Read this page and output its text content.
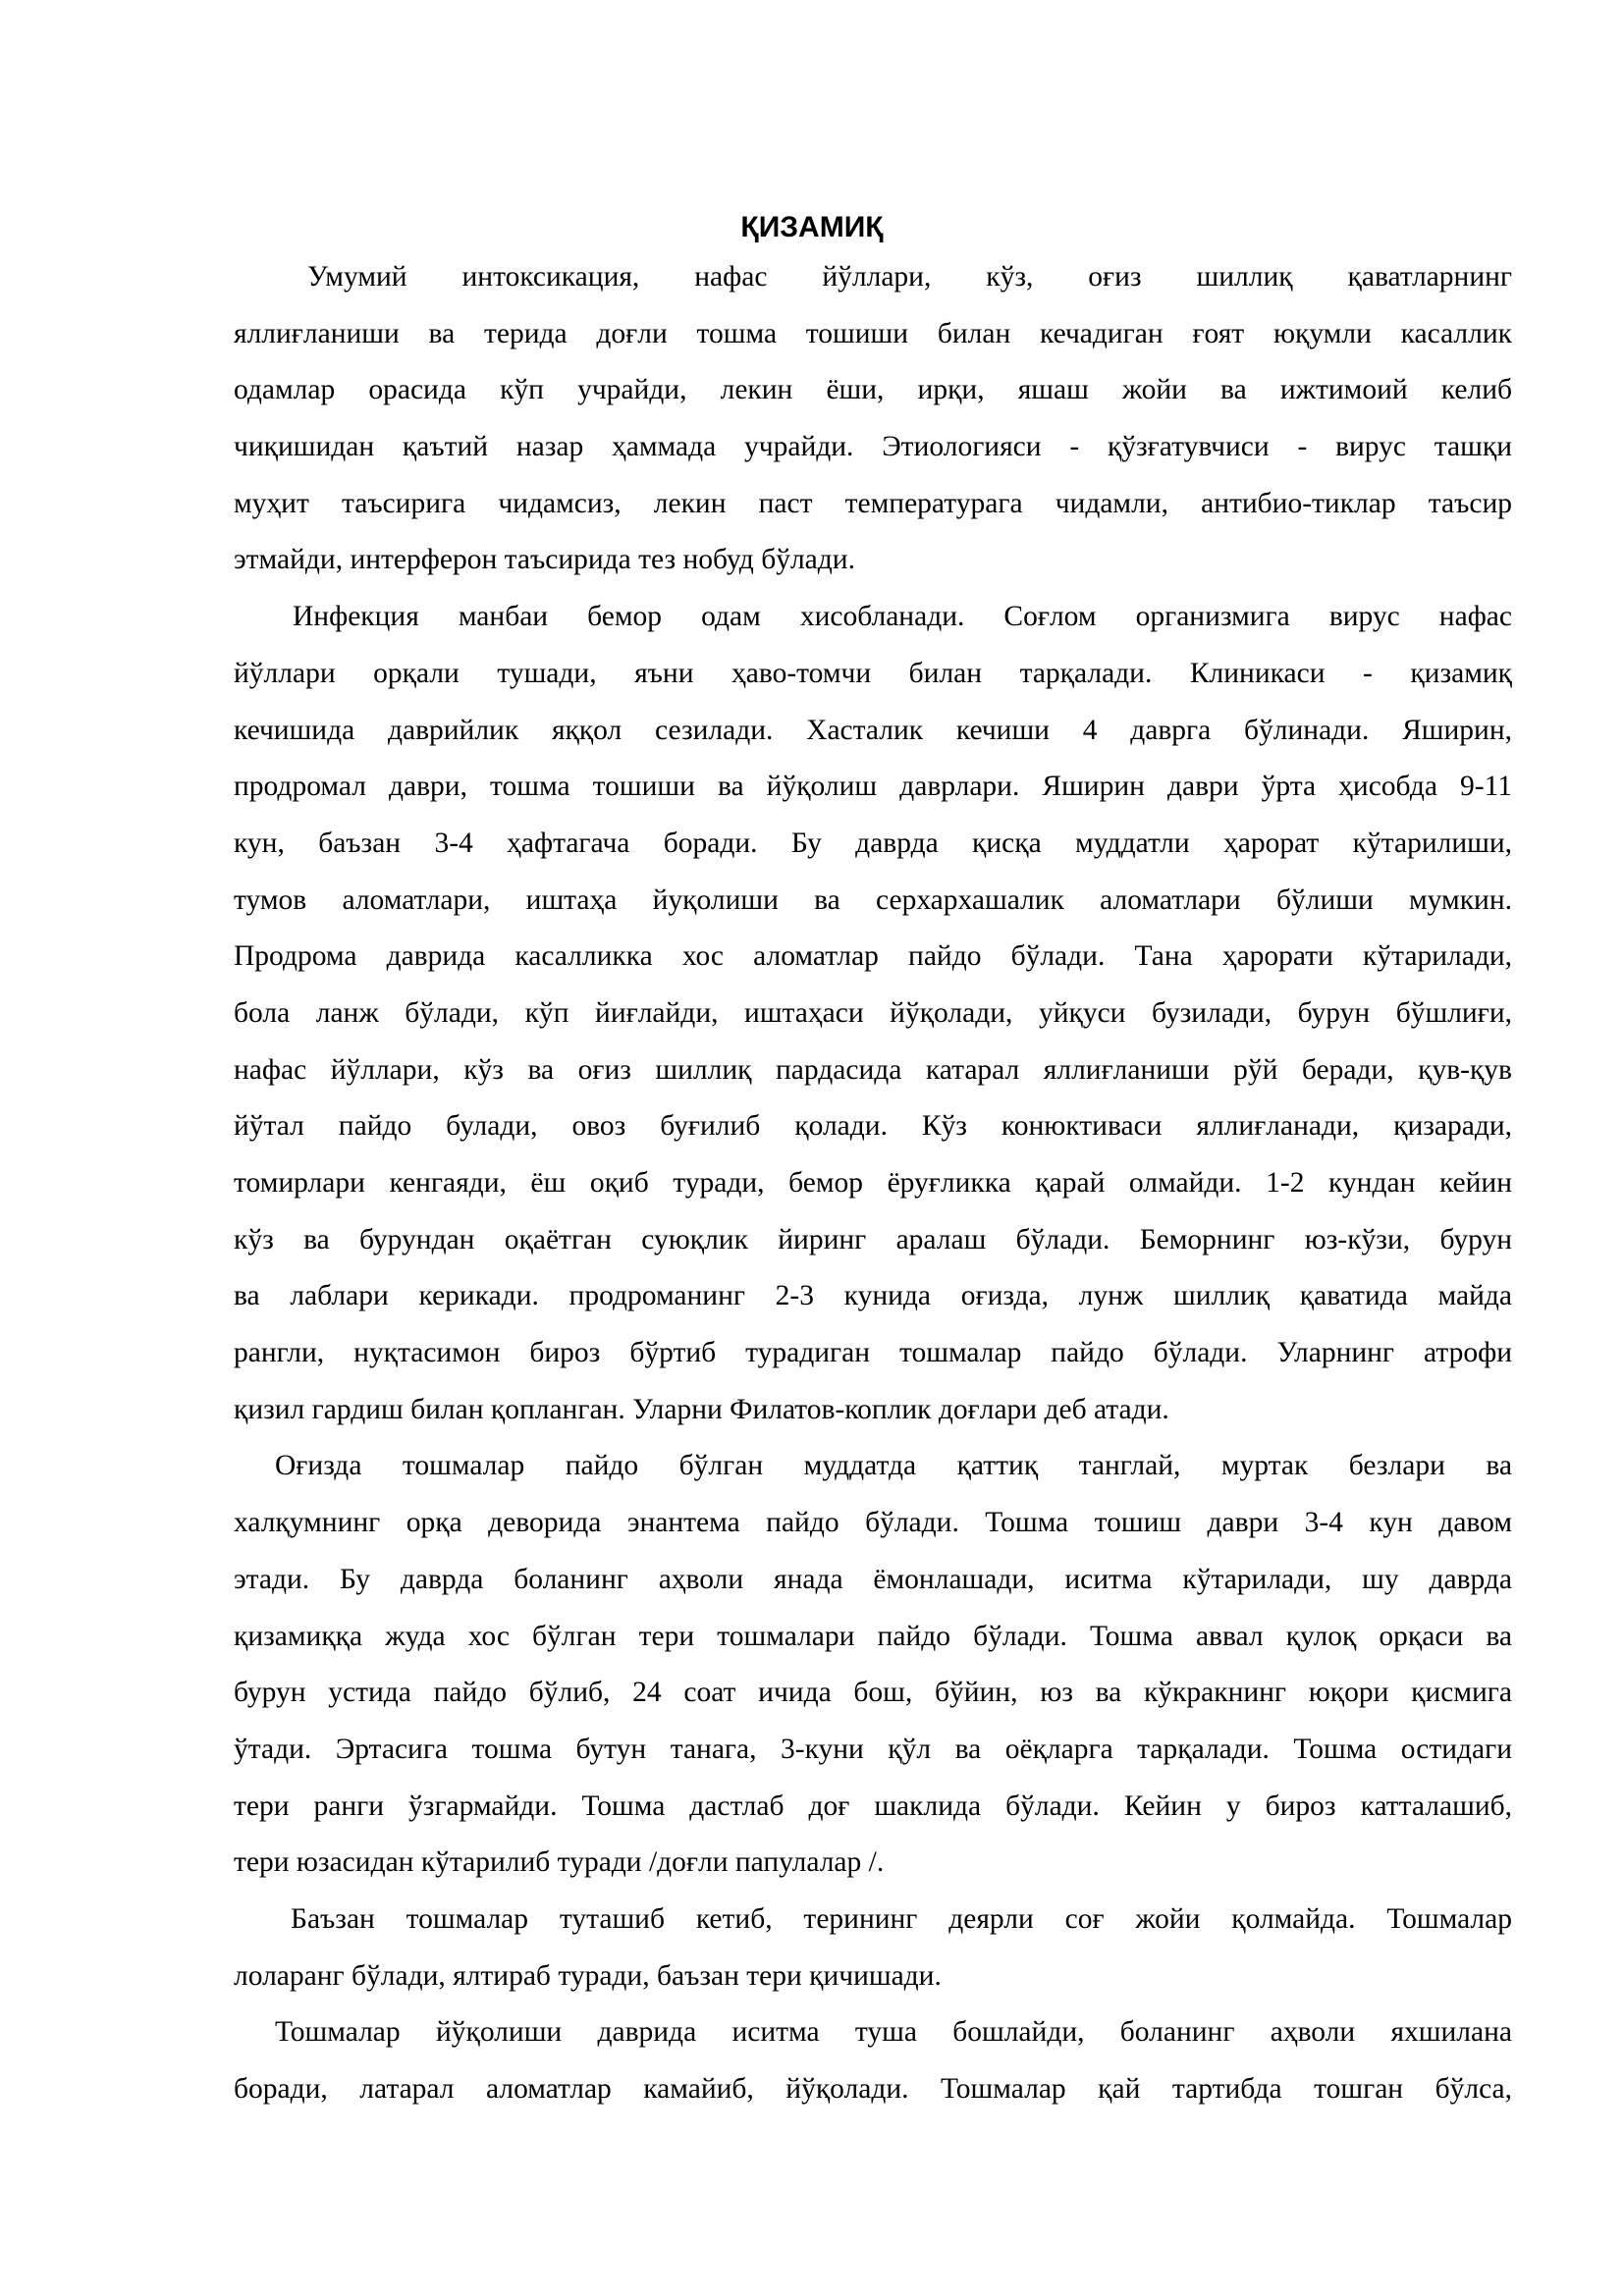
ҚИЗАМИҚ
Умумий интоксикация, нафас йўллари, кўз, оғиз шиллиқ қаватларнинг
яллиғланиши ва терида доғли тошма тошиши билан кечадиган ғоят юқумли касаллик
одамлар орасида кўп учрайди, лекин ёши, ирқи, яшаш жойи ва ижтимоий келиб
чиқишидан қаътий назар ҳаммада учрайди. Этиологияси - қўзғатувчиси - вирус ташқи
муҳит таъсирига чидамсиз, лекин паст температурага чидамли, антибио-тиклар таъсир
этмайди, интерферон таъсирида тез нобуд бўлади.
Инфекция манбаи бемор одам хисобланади. Соғлом организмига вирус нафас
йўллари орқали тушади, яъни ҳаво-томчи билан тарқалади. Клиникаси - қизамиқ
кечишида даврийлик яққол сезилади. Хасталик кечиши 4 даврга бўлинади. Яширин,
продромал даври, тошма тошиши ва йўқолиш даврлари. Яширин даври ўрта ҳисобда 9-11
кун, баъзан 3-4 ҳафтагача боради. Бу даврда қисқа муддатли ҳарорат кўтарилиши,
тумов аломатлари, иштаҳа йуқолиши ва серхархашалик аломатлари бўлиши мумкин.
Продрома даврида касалликка хос аломатлар пайдо бўлади. Тана ҳарорати кўтарилади,
бола ланж бўлади, кўп йиғлайди, иштаҳаси йўқолади, уйқуси бузилади, бурун бўшлиғи,
нафас йўллари, кўз ва оғиз шиллиқ пардасида катарал яллиғланиши рўй беради, қув-қув
йўтал пайдо булади, овоз буғилиб қолади. Кўз конюктиваси яллиғланади, қизаради,
томирлари кенгаяди, ёш оқиб туради, бемор ёруғликка қарай олмайди. 1-2 кундан кейин
кўз ва бурундан оқаётган суюқлик йиринг аралаш бўлади. Беморнинг юз-кўзи, бурун
ва лаблари керикади. продроманинг 2-3 кунида оғизда, лунж шиллиқ қаватида майда
рангли, нуқтасимон бироз бўртиб турадиган тошмалар пайдо бўлади. Уларнинг атрофи
қизил гардиш билан қопланган. Уларни Филатов-коплик доғлари деб атади.
Оғизда тошмалар пайдо бўлган муддатда қаттиқ танглай, муртак безлари ва
халқумнинг орқа деворида энантема пайдо бўлади. Тошма тошиш даври 3-4 кун давом
этади. Бу даврда боланинг аҳволи янада ёмонлашади, иситма кўтарилади, шу даврда
қизамиққа жуда хос бўлган тери тошмалари пайдо бўлади. Тошма аввал қулоқ орқаси ва
бурун устида пайдо бўлиб, 24 соат ичида бош, бўйин, юз ва кўкракнинг юқори қисмига
ўтади. Эртасига тошма бутун танага, 3-куни қўл ва оёқларга тарқалади. Тошма остидаги
тери ранги ўзгармайди. Тошма дастлаб доғ шаклида бўлади. Кейин у бироз катталашиб,
тери юзасидан кўтарилиб туради /доғли папулалар /.
Баъзан тошмалар туташиб кетиб, терининг деярли соғ жойи қолмайда. Тошмалар
лоларанг бўлади, ялтираб туради, баъзан тери қичишади.
Тошмалар йўқолиши даврида иситма туша бошлайди, боланинг аҳволи яхшилана
боради, латарал аломатлар камайиб, йўқолади. Тошмалар қай тартибда тошган бўлса,
